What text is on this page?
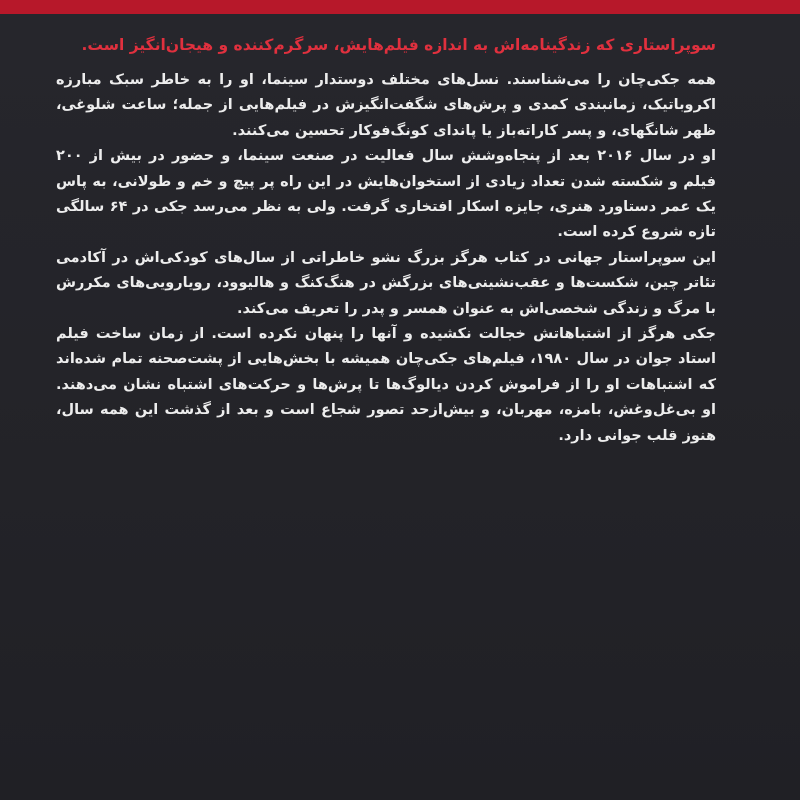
سوپراستاری که زندگینامه‌اش به اندازه فیلم‌هایش، سرگرم‌کننده و هیجان‌انگیز است.

همه جکی‌چان را می‌شناسند. نسل‌های مختلف دوستدار سینما، او را به خاطر سبک مبارزه اکروباتیک، زمانبندی کمدی و پرش‌های شگفت‌انگیزش در فیلم‌هایی از جمله؛ ساعت شلوغی، ظهر شانگهای، و پسر کاراته‌باز یا پاندای کونگ‌فوکار تحسین می‌کنند.

او در سال ۲۰۱۶ بعد از پنجاه‌وشش سال فعالیت در صنعت سینما، و حضور در بیش از ۲۰۰ فیلم و شکسته شدن تعداد زیادی از استخوان‌هایش در این راه پر پیچ و خم و طولانی، به پاس یک عمر دستاورد هنری، جایزه اسکار افتخاری گرفت. ولی به نظر می‌رسد جکی در ۶۴ سالگی تازه شروع کرده است.

این سوپراستار جهانی در کتاب هرگز بزرگ نشو خاطراتی از سال‌های کودکی‌اش در آکادمی تئاتر چین، شکست‌ها و عقب‌نشینی‌های بزرگش در هنگ‌کنگ و هالیوود، رویارویی‌های مکررش با مرگ و زندگی شخصی‌اش به عنوان همسر و پدر را تعریف می‌کند.

جکی هرگز از اشتباهاتش خجالت نکشیده و آنها را پنهان نکرده است. از زمان ساخت فیلم استاد جوان در سال ۱۹۸۰، فیلم‌های جکی‌چان همیشه با بخش‌هایی از پشت‌صحنه تمام شده‌اند که اشتباهات او را از فراموش کردن دیالوگ‌ها تا پرش‌ها و حرکت‌های اشتباه نشان می‌دهند. او بی‌غل‌وغش، بامزه، مهربان، و بیش‌ازحد تصور شجاع است و بعد از گذشت این همه سال، هنوز قلب جوانی دارد.
